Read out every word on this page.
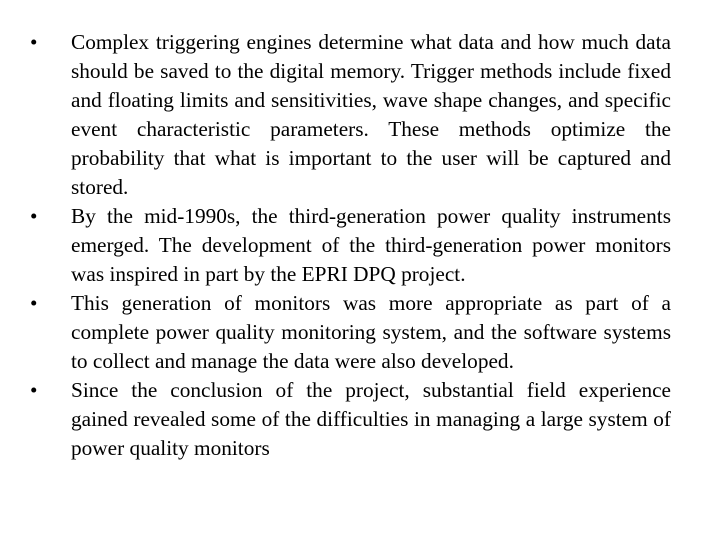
•	Complex triggering engines determine what data and how much data should be saved to the digital memory. Trigger methods include fixed and floating limits and sensitivities, wave shape changes, and specific event characteristic parameters. These methods optimize the probability that what is important to the user will be captured and stored.
•	By the mid-1990s, the third-generation power quality instruments emerged. The development of the third-generation power monitors was inspired in part by the EPRI DPQ project.
•	This generation of monitors was more appropriate as part of a complete power quality monitoring system, and the software systems to collect and manage the data were also developed.
•	Since the conclusion of the project, substantial field experience gained revealed some of the difficulties in managing a large system of power quality monitors
